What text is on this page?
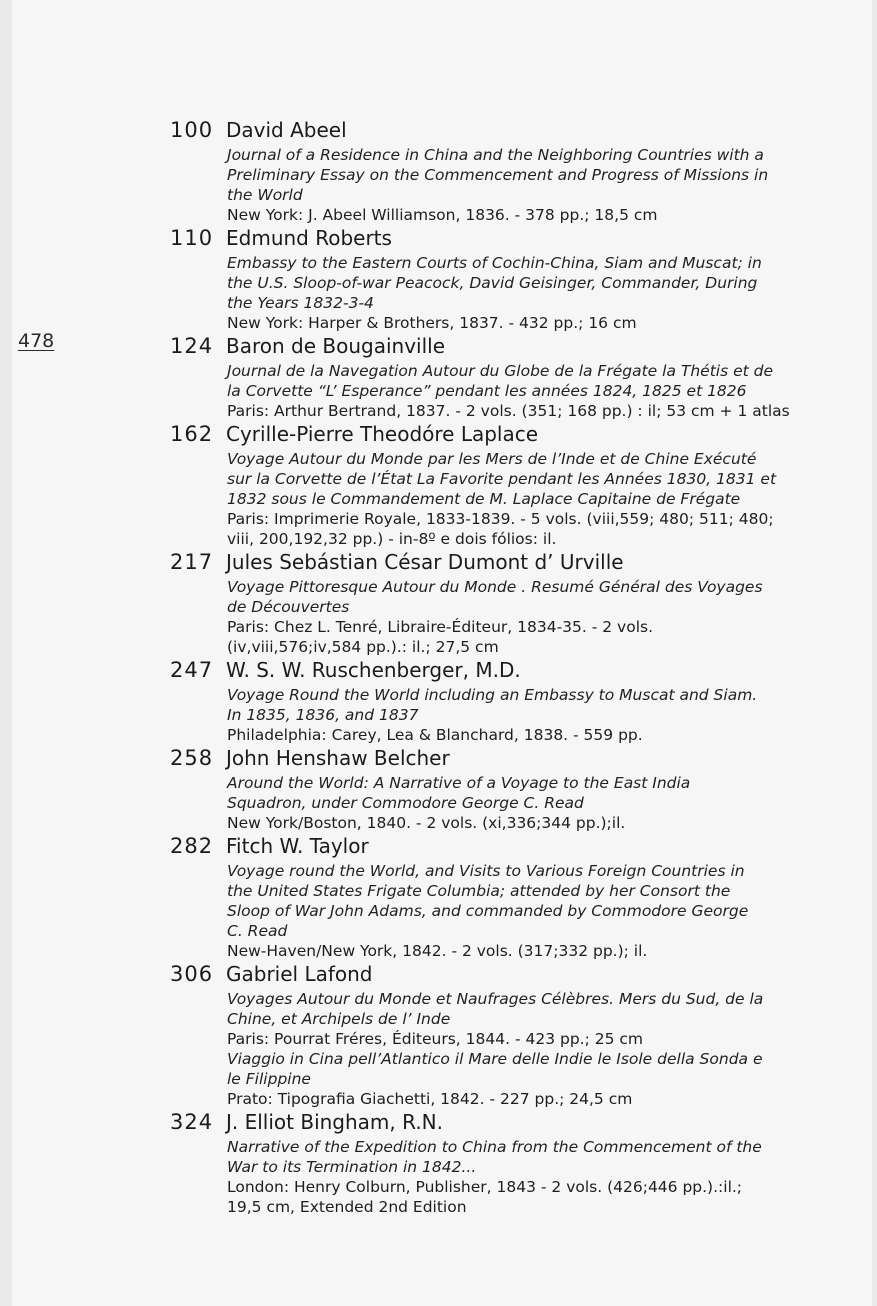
478
100 David Abeel
Journal of a Residence in China and the Neighboring Countries with a
Preliminary Essay on the Commencement and Progress of Missions in
the World
New York: J. Abeel Williamson, 1836. - 378 pp.; 18,5 cm
110 Edmund Roberts
Embassy to the Eastern Courts of Cochin-China, Siam and Muscat; in
the U.S. Sloop-of-war Peacock, David Geisinger, Commander, During
the Years 1832-3-4
New York: Harper & Brothers, 1837. - 432 pp.; 16 cm
124 Baron de Bougainville
Journal de la Navegation Autour du Globe de la Frégate la Thétis et de
la Corvette “L’ Esperance” pendant les années 1824, 1825 et 1826
Paris: Arthur Bertrand, 1837. - 2 vols. (351; 168 pp.) : il; 53 cm + 1 atlas
162 Cyrille-Pierre Theodóre Laplace
Voyage Autour du Monde par les Mers de l’Inde et de Chine Exécuté
sur la Corvette de l’État La Favorite pendant les Années 1830, 1831 et
1832 sous le Commandement de M. Laplace Capitaine de Frégate
Paris: Imprimerie Royale, 1833-1839. - 5 vols. (viii,559; 480; 511; 480;
viii, 200,192,32 pp.) - in-8º e dois fólios: il.
217 Jules Sebástian César Dumont d’ Urville
Voyage Pittoresque Autour du Monde . Resumé Général des Voyages
de Découvertes
Paris: Chez L. Tenré, Libraire-Éditeur, 1834-35. - 2 vols.
(iv,viii,576;iv,584 pp.).: il.; 27,5 cm
247 W. S. W. Ruschenberger, M.D.
Voyage Round the World including an Embassy to Muscat and Siam.
In 1835, 1836, and 1837
Philadelphia: Carey, Lea & Blanchard, 1838. - 559 pp.
258 John Henshaw Belcher
Around the World: A Narrative of a Voyage to the East India
Squadron, under Commodore George C. Read
New York/Boston, 1840. - 2 vols. (xi,336;344 pp.);il.
282 Fitch W. Taylor
Voyage round the World, and Visits to Various Foreign Countries in
the United States Frigate Columbia; attended by her Consort the
Sloop of War John Adams, and commanded by Commodore George
C. Read
New-Haven/New York, 1842. - 2 vols. (317;332 pp.); il.
306 Gabriel Lafond
Voyages Autour du Monde et Naufrages Célèbres. Mers du Sud, de la
Chine, et Archipels de l’ Inde
Paris: Pourrat Fréres, Éditeurs, 1844. - 423 pp.; 25 cm
Viaggio in Cina pell’Atlantico il Mare delle Indie le Isole della Sonda e
le Filippine
Prato: Tipografia Giachetti, 1842. - 227 pp.; 24,5 cm
324 J. Elliot Bingham, R.N.
Narrative of the Expedition to China from the Commencement of the
War to its Termination in 1842...
London: Henry Colburn, Publisher, 1843 - 2 vols. (426;446 pp.).:il.;
19,5 cm, Extended 2nd Edition
